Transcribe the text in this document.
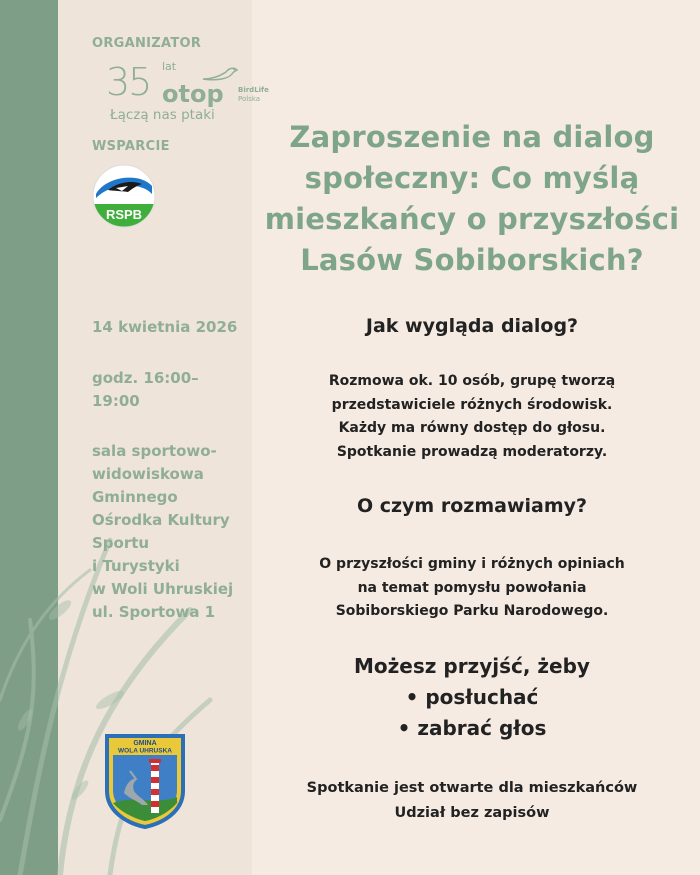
ORGANIZATOR
35 lat
otop BirdLife
Polska
Łączą nas ptaki
WSPARCIE
RSPB
14 kwietnia 2026
godz. 16:00–
19:00
sala sportowo-
widowiskowa
Gminnego
Ośrodka Kultury
Sportu
i Turystyki
w Woli Uhruskiej
ul. Sportowa 1
GMINA
WOLA UHRUSKA
Zaproszenie na dialog
społeczny: Co myślą
mieszkańcy o przyszłości
Lasów Sobiborskich?
Jak wygląda dialog?
Rozmowa ok. 10 osób, grupę tworzą
przedstawiciele różnych środowisk.
Każdy ma równy dostęp do głosu.
Spotkanie prowadzą moderatorzy.
O czym rozmawiamy?
O przyszłości gminy i różnych opiniach
na temat pomysłu powołania
Sobiborskiego Parku Narodowego.
Możesz przyjść, żeby
• posłuchać
• zabrać głos
Spotkanie jest otwarte dla mieszkańców
Udział bez zapisów
